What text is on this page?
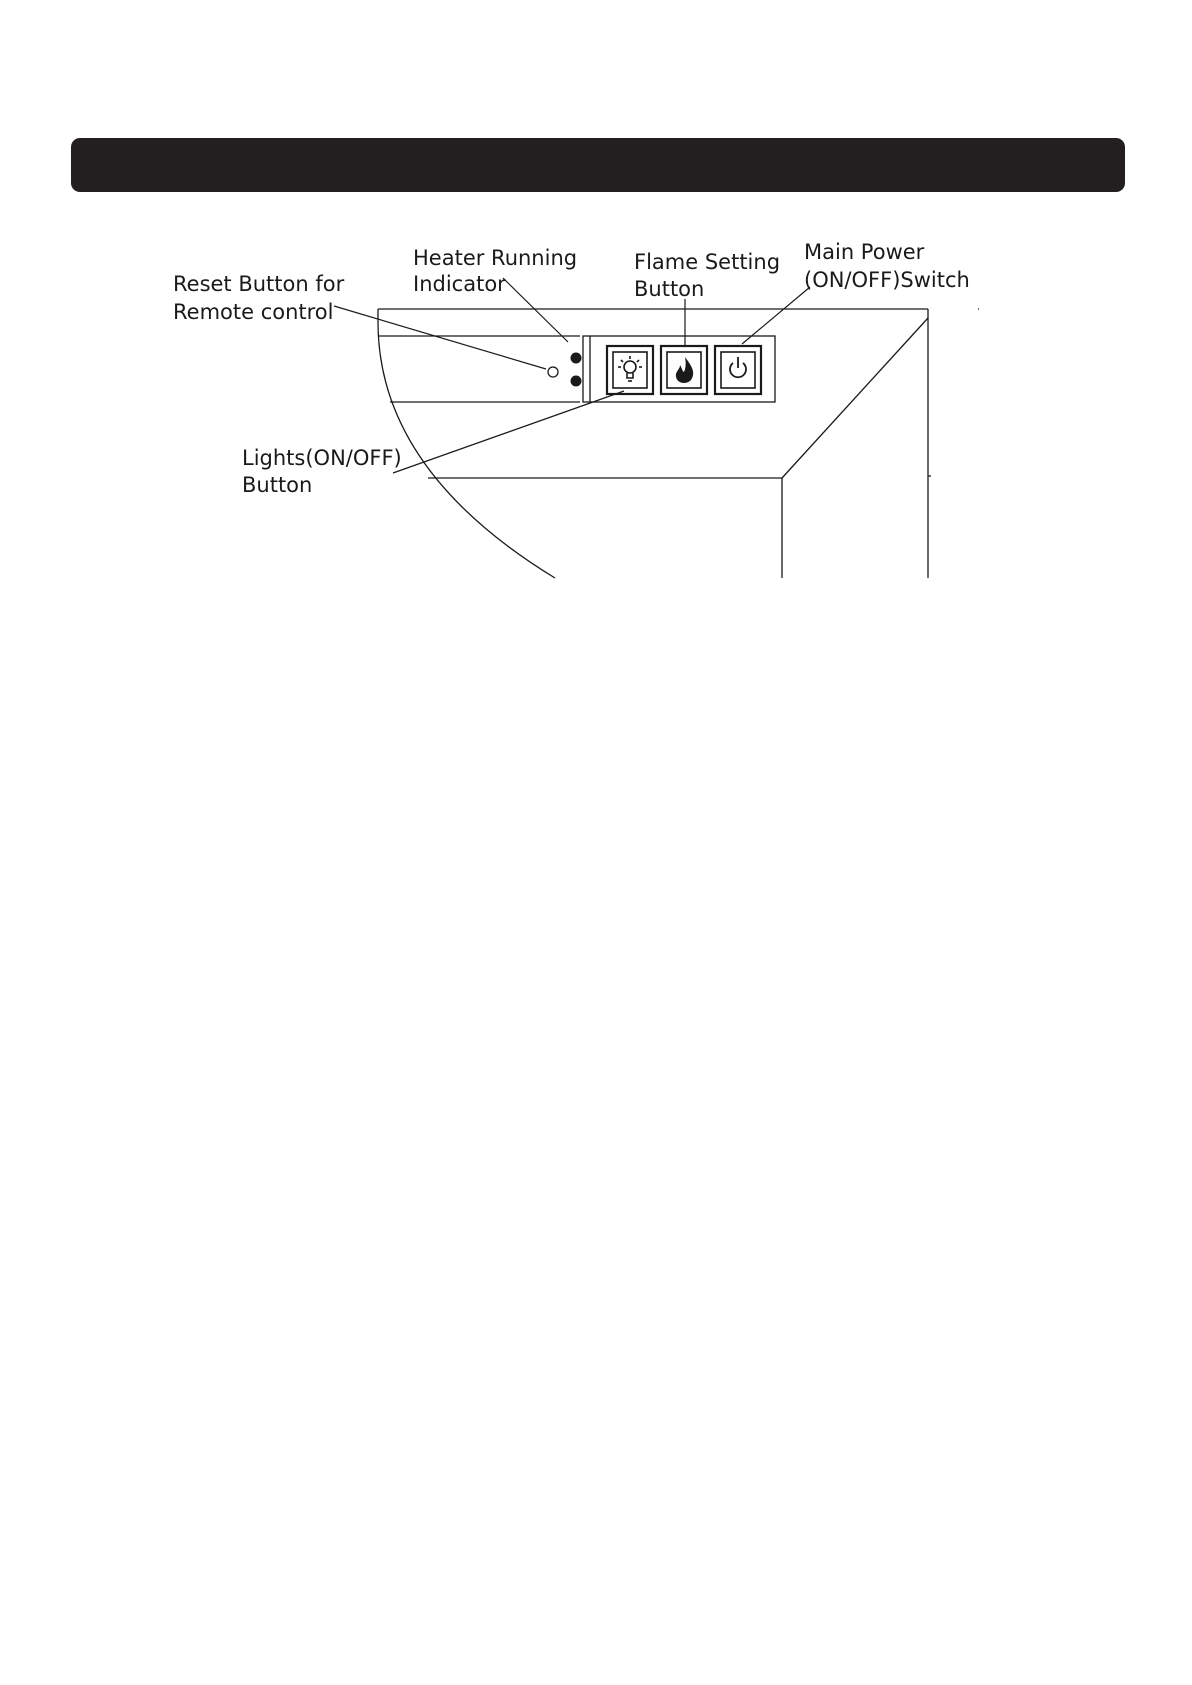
Reset Button for
Remote control
Heater Running
Indicator
Flame Setting
Button
Main Power
(ON/OFF)Switch
Lights(ON/OFF)
Button
